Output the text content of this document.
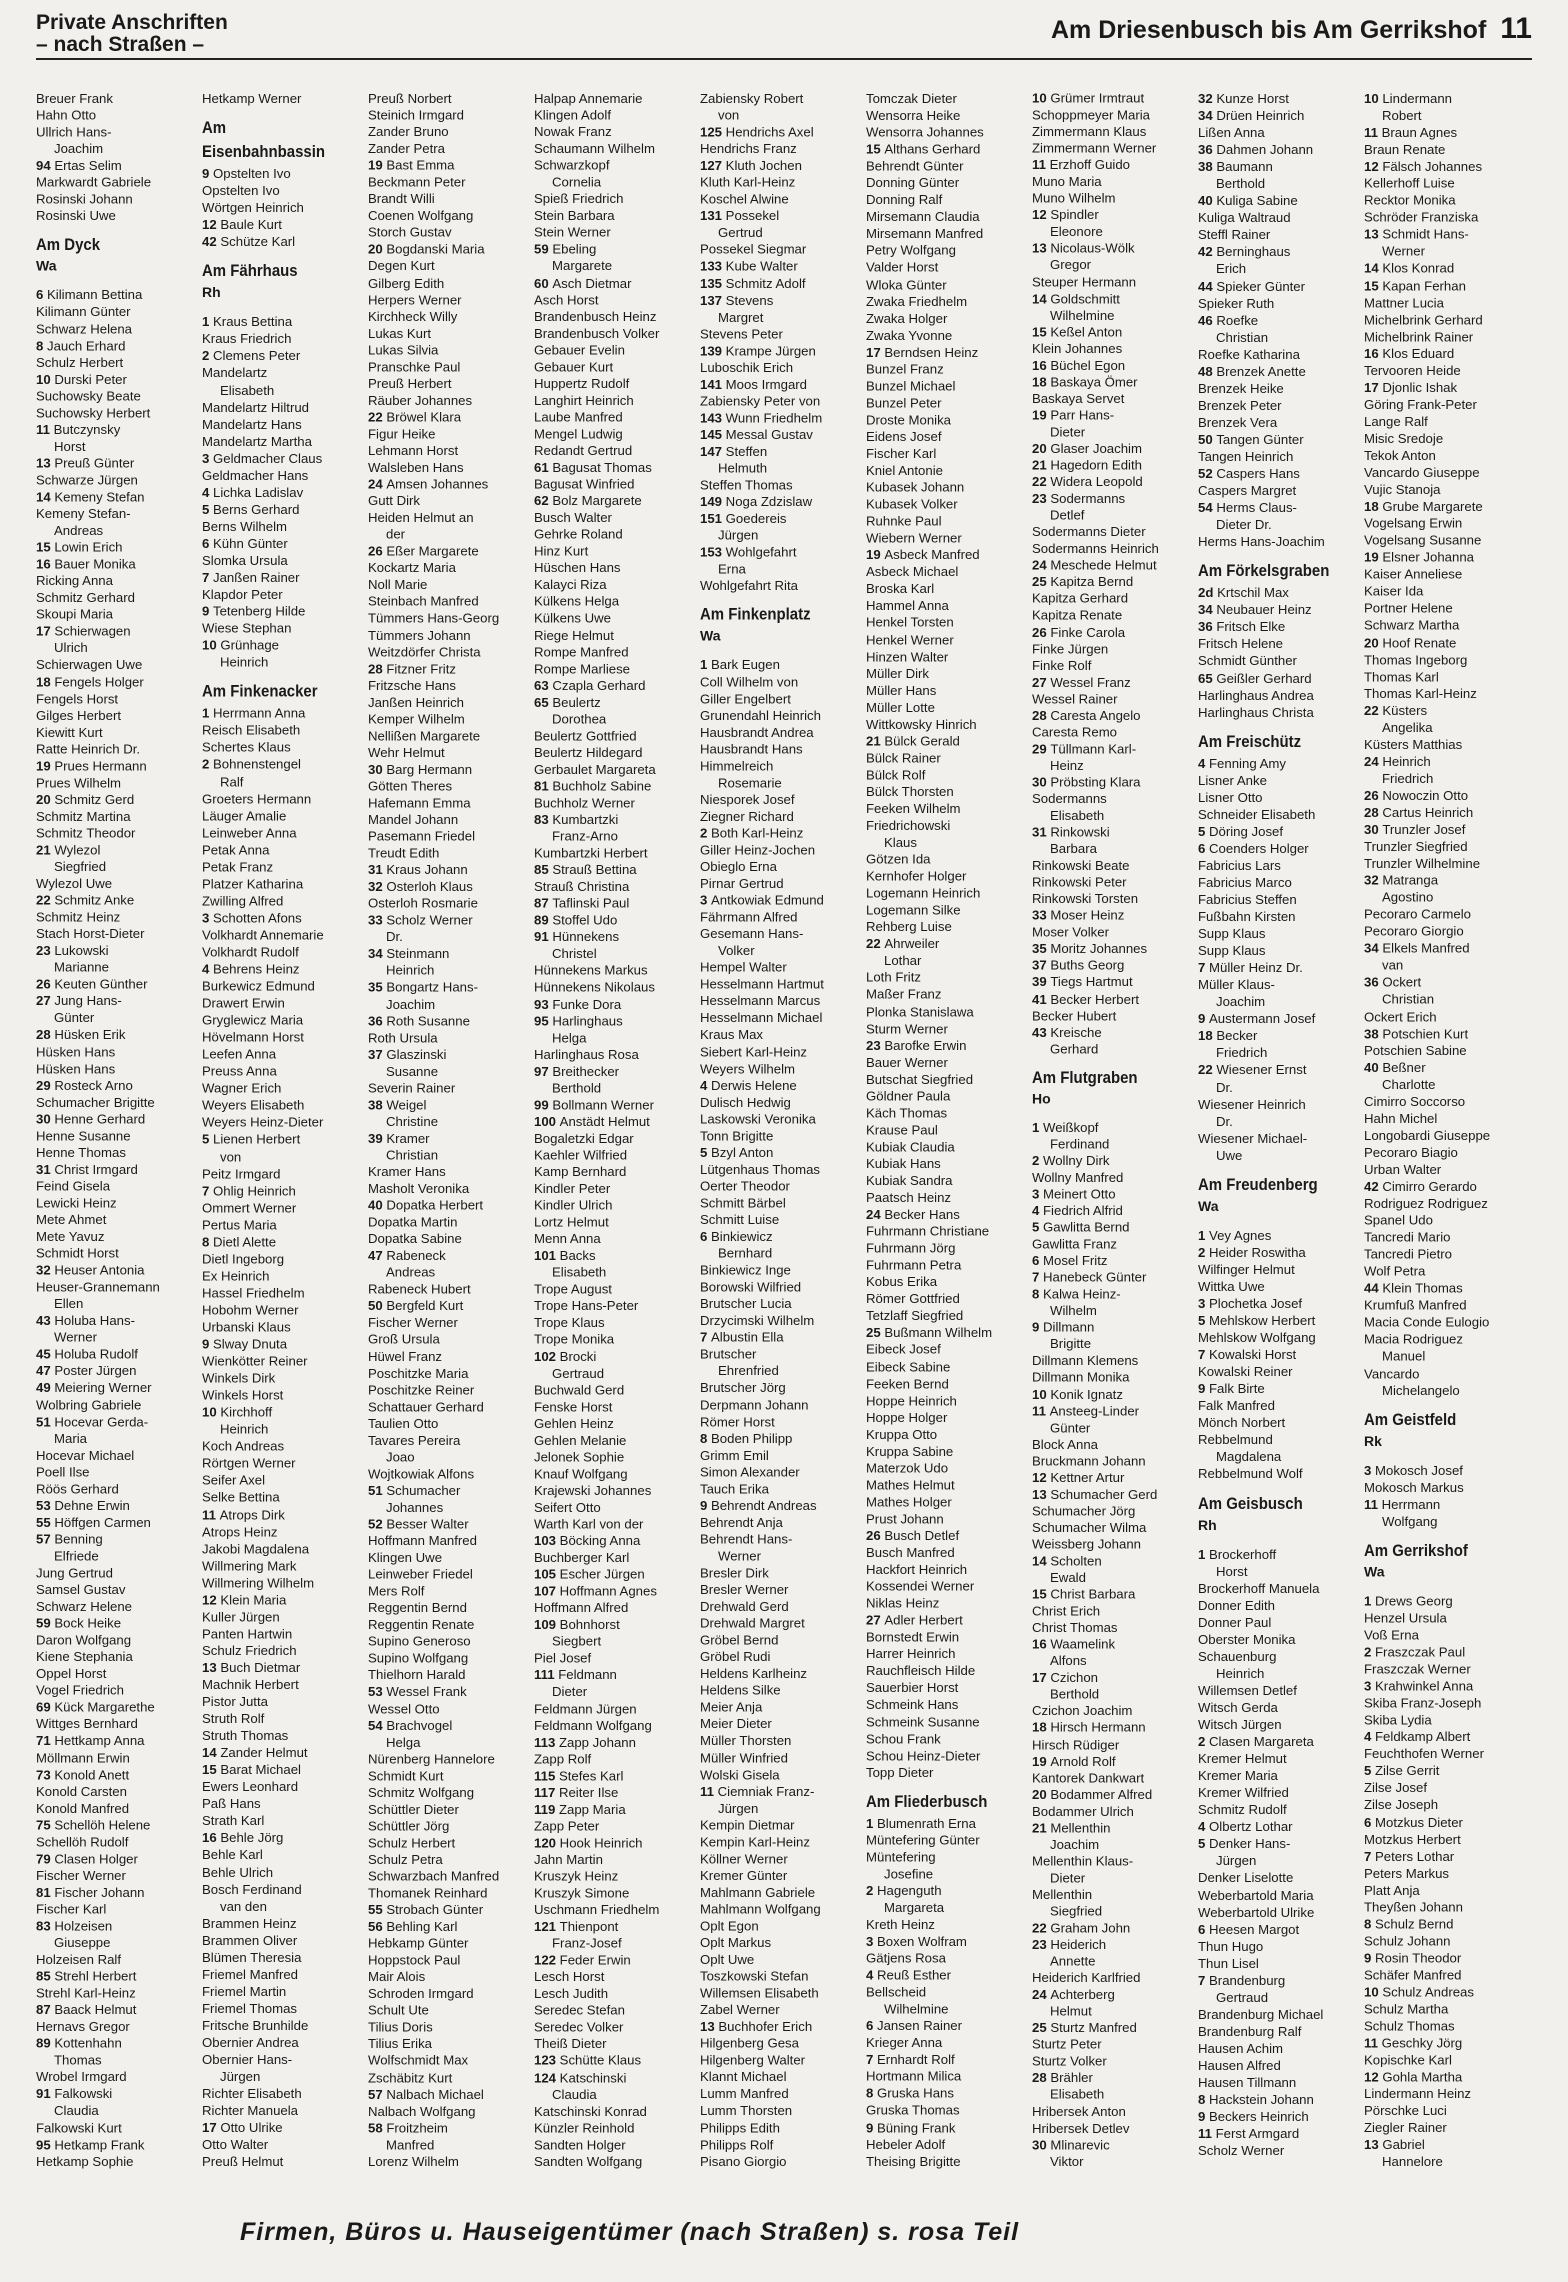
Private Anschriften
– nach Straßen –
Am Driesenbusch bis Am Gerrikshof 11
Breuer Frank
Hahn Otto
Ullrich Hans-
Joachim
94 Ertas Selim
Markwardt Gabriele
Rosinski Johann
Rosinski Uwe
Am Dyck
Wa
6 Kilimann Bettina
Kilimann Günter
Schwarz Helena
8 Jauch Erhard
Schulz Herbert
10 Durski Peter
Suchowsky Beate
Suchowsky Herbert
11 Butczynsky
Horst
13 Preuß Günter
Schwarze Jürgen
14 Kemeny Stefan
Kemeny Stefan-
Andreas
15 Lowin Erich
16 Bauer Monika
Ricking Anna
Schmitz Gerhard
Skoupi Maria
17 Schierwagen
Ulrich
Schierwagen Uwe
18 Fengels Holger
Fengels Horst
Gilges Herbert
Kiewitt Kurt
Ratte Heinrich Dr.
19 Prues Hermann
Prues Wilhelm
20 Schmitz Gerd
Schmitz Martina
Schmitz Theodor
21 Wylezol
Siegfried
Wylezol Uwe
22 Schmitz Anke
Schmitz Heinz
Stach Horst-Dieter
23 Lukowski
Marianne
26 Keuten Günther
27 Jung Hans-
Günter
28 Hüsken Erik
Hüsken Hans
Hüsken Hans
29 Rosteck Arno
Schumacher Brigitte
30 Henne Gerhard
Henne Susanne
Henne Thomas
31 Christ Irmgard
Feind Gisela
Lewicki Heinz
Mete Ahmet
Mete Yavuz
Schmidt Horst
32 Heuser Antonia
Heuser-Grannemann
Ellen
43 Holuba Hans-
Werner
45 Holuba Rudolf
47 Poster Jürgen
49 Meiering Werner
Wolbring Gabriele
51 Hocevar Gerda-
Maria
Hocevar Michael
Poell Ilse
Röös Gerhard
53 Dehne Erwin
55 Höffgen Carmen
57 Benning
Elfriede
Jung Gertrud
Samsel Gustav
Schwarz Helene
59 Bock Heike
Daron Wolfgang
Kiene Stephania
Oppel Horst
Vogel Friedrich
69 Kück Margarethe
Wittges Bernhard
71 Hettkamp Anna
Möllmann Erwin
73 Konold Anett
Konold Carsten
Konold Manfred
75 Schellöh Helene
Schellöh Rudolf
79 Clasen Holger
Fischer Werner
81 Fischer Johann
Fischer Karl
83 Holzeisen
Giuseppe
Holzeisen Ralf
85 Strehl Herbert
Strehl Karl-Heinz
87 Baack Helmut
Hernavs Gregor
89 Kottenhahn
Thomas
Wrobel Irmgard
91 Falkowski
Claudia
Falkowski Kurt
95 Hetkamp Frank
Hetkamp Sophie
Hetkamp Werner
Am
Eisenbahnbassin
9 Opstelten Ivo
Opstelten Ivo
Wörtgen Heinrich
12 Baule Kurt
42 Schütze Karl
Am Fährhaus
Rh
1 Kraus Bettina
Kraus Friedrich
2 Clemens Peter
Mandelartz
Elisabeth
Mandelartz Hiltrud
Mandelartz Hans
Mandelartz Martha
3 Geldmacher Claus
Geldmacher Hans
4 Lichka Ladislav
5 Berns Gerhard
Berns Wilhelm
6 Kühn Günter
Slomka Ursula
7 Janßen Rainer
Klapdor Peter
9 Tetenberg Hilde
Wiese Stephan
10 Grünhage
Heinrich
Am Finkenacker
1 Herrmann Anna
Reisch Elisabeth
Schertes Klaus
2 Bohnenstengel
Ralf
Groeters Hermann
Läuger Amalie
Leinweber Anna
Petak Anna
Petak Franz
Platzer Katharina
Zwilling Alfred
3 Schotten Afons
Volkhardt Annemarie
Volkhardt Rudolf
4 Behrens Heinz
Burkewicz Edmund
Drawert Erwin
Gryglewicz Maria
Hövelmann Horst
Leefen Anna
Preuss Anna
Wagner Erich
Weyers Elisabeth
Weyers Heinz-Dieter
5 Lienen Herbert
von
Peitz Irmgard
7 Ohlig Heinrich
Ommert Werner
Pertus Maria
8 Dietl Alette
Dietl Ingeborg
Ex Heinrich
Hassel Friedhelm
Hobohm Werner
Urbanski Klaus
9 Slway Dnuta
Wienkötter Reiner
Winkels Dirk
Winkels Horst
10 Kirchhoff
Heinrich
Koch Andreas
Rörtgen Werner
Seifer Axel
Selke Bettina
11 Atrops Dirk
Atrops Heinz
Jakobi Magdalena
Willmering Mark
Willmering Wilhelm
12 Klein Maria
Kuller Jürgen
Panten Hartwin
Schulz Friedrich
13 Buch Dietmar
Machnik Herbert
Pistor Jutta
Struth Rolf
Struth Thomas
14 Zander Helmut
15 Barat Michael
Ewers Leonhard
Paß Hans
Strath Karl
16 Behle Jörg
Behle Karl
Behle Ulrich
Bosch Ferdinand
van den
Brammen Heinz
Brammen Oliver
Blümen Theresia
Friemel Manfred
Friemel Martin
Friemel Thomas
Fritsche Brunhilde
Obernier Andrea
Obernier Hans-
Jürgen
Richter Elisabeth
Richter Manuela
17 Otto Ulrike
Otto Walter
Preuß Helmut
Preuß Norbert
Steinich Irmgard
Zander Bruno
Zander Petra
19 Bast Emma
Beckmann Peter
Brandt Willi
Coenen Wolfgang
Storch Gustav
20 Bogdanski Maria
Degen Kurt
Gilberg Edith
Herpers Werner
Kirchheck Willy
Lukas Kurt
Lukas Silvia
Pranschke Paul
Preuß Herbert
Räuber Johannes
22 Bröwel Klara
Figur Heike
Lehmann Horst
Walsleben Hans
24 Amsen Johannes
Gutt Dirk
Heiden Helmut an
der
26 Eßer Margarete
Kockartz Maria
Noll Marie
Steinbach Manfred
Tümmers Hans-Georg
Tümmers Johann
Weitzdörfer Christa
28 Fitzner Fritz
Fritzsche Hans
Janßen Heinrich
Kemper Wilhelm
Nellißen Margarete
Wehr Helmut
30 Barg Hermann
Götten Theres
Hafemann Emma
Mandel Johann
Pasemann Friedel
Treudt Edith
31 Kraus Johann
32 Osterloh Klaus
Osterloh Rosmarie
33 Scholz Werner
Dr.
34 Steinmann
Heinrich
35 Bongartz Hans-
Joachim
36 Roth Susanne
Roth Ursula
37 Glaszinski
Susanne
Severin Rainer
38 Weigel
Christine
39 Kramer
Christian
Kramer Hans
Masholt Veronika
40 Dopatka Herbert
Dopatka Martin
Dopatka Sabine
47 Rabeneck
Andreas
Rabeneck Hubert
50 Bergfeld Kurt
Fischer Werner
Groß Ursula
Hüwel Franz
Poschitzke Maria
Poschitzke Reiner
Schattauer Gerhard
Taulien Otto
Tavares Pereira
Joao
Wojtkowiak Alfons
51 Schumacher
Johannes
52 Besser Walter
Hoffmann Manfred
Klingen Uwe
Leinweber Friedel
Mers Rolf
Reggentin Bernd
Reggentin Renate
Supino Generoso
Supino Wolfgang
Thielhorn Harald
53 Wessel Frank
Wessel Otto
54 Brachvogel
Helga
Nürenberg Hannelore
Schmidt Kurt
Schmitz Wolfgang
Schüttler Dieter
Schüttler Jörg
Schulz Herbert
Schulz Petra
Schwarzbach Manfred
Thomanek Reinhard
55 Strobach Günter
56 Behling Karl
Hebkamp Günter
Hoppstock Paul
Mair Alois
Schroden Irmgard
Schult Ute
Tilius Doris
Tilius Erika
Wolfschmidt Max
Zschäbitz Kurt
57 Nalbach Michael
Nalbach Wolfgang
58 Froitzheim
Manfred
Lorenz Wilhelm
Halpap Annemarie
Klingen Adolf
Nowak Franz
Schaumann Wilhelm
Schwarzkopf
Cornelia
Spieß Friedrich
Stein Barbara
Stein Werner
59 Ebeling
Margarete
60 Asch Dietmar
Asch Horst
Brandenbusch Heinz
Brandenbusch Volker
Gebauer Evelin
Gebauer Kurt
Huppertz Rudolf
Langhirt Heinrich
Laube Manfred
Mengel Ludwig
Redandt Gertrud
61 Bagusat Thomas
Bagusat Winfried
62 Bolz Margarete
Busch Walter
Gehrke Roland
Hinz Kurt
Hüschen Hans
Kalayci Riza
Külkens Helga
Külkens Uwe
Riege Helmut
Rompe Manfred
Rompe Marliese
63 Czapla Gerhard
65 Beulertz
Dorothea
Beulertz Gottfried
Beulertz Hildegard
Gerbaulet Margareta
81 Buchholz Sabine
Buchholz Werner
83 Kumbartzki
Franz-Arno
Kumbartzki Herbert
85 Strauß Bettina
Strauß Christina
87 Taflinski Paul
89 Stoffel Udo
91 Hünnekens
Christel
Hünnekens Markus
Hünnekens Nikolaus
93 Funke Dora
95 Harlinghaus
Helga
Harlinghaus Rosa
97 Breithecker
Berthold
99 Bollmann Werner
100 Anstädt Helmut
Bogaletzki Edgar
Kaehler Wilfried
Kamp Bernhard
Kindler Peter
Kindler Ulrich
Lortz Helmut
Menn Anna
101 Backs
Elisabeth
Trope August
Trope Hans-Peter
Trope Klaus
Trope Monika
102 Brocki
Gertraud
Buchwald Gerd
Fenske Horst
Gehlen Heinz
Gehlen Melanie
Jelonek Sophie
Knauf Wolfgang
Krajewski Johannes
Seifert Otto
Warth Karl von der
103 Böcking Anna
Buchberger Karl
105 Escher Jürgen
107 Hoffmann Agnes
Hoffmann Alfred
109 Bohnhorst
Siegbert
Piel Josef
111 Feldmann
Dieter
Feldmann Jürgen
Feldmann Wolfgang
113 Zapp Johann
Zapp Rolf
115 Stefes Karl
117 Reiter Ilse
119 Zapp Maria
Zapp Peter
120 Hook Heinrich
Jahn Martin
Kruszyk Heinz
Kruszyk Simone
Uschmann Friedhelm
121 Thienpont
Franz-Josef
122 Feder Erwin
Lesch Horst
Lesch Judith
Seredec Stefan
Seredec Volker
Theiß Dieter
123 Schütte Klaus
124 Katschinski
Claudia
Katschinski Konrad
Künzler Reinhold
Sandten Holger
Sandten Wolfgang
Zabiensky Robert
von
125 Hendrichs Axel
Hendrichs Franz
127 Kluth Jochen
Kluth Karl-Heinz
Koschel Alwine
131 Possekel
Gertrud
Possekel Siegmar
133 Kube Walter
135 Schmitz Adolf
137 Stevens
Margret
Stevens Peter
139 Krampe Jürgen
Luboschik Erich
141 Moos Irmgard
Zabiensky Peter von
143 Wunn Friedhelm
145 Messal Gustav
147 Steffen
Helmuth
Steffen Thomas
149 Noga Zdzislaw
151 Goedereis
Jürgen
153 Wohlgefahrt
Erna
Wohlgefahrt Rita
Am Finkenplatz
Wa
1 Bark Eugen
Coll Wilhelm von
Giller Engelbert
Grunendahl Heinrich
Hausbrandt Andrea
Hausbrandt Hans
Himmelreich
Rosemarie
Niesporek Josef
Ziegner Richard
2 Both Karl-Heinz
Giller Heinz-Jochen
Obieglo Erna
Pirnar Gertrud
3 Antkowiak Edmund
Fährmann Alfred
Gesemann Hans-
Volker
Hempel Walter
Hesselmann Hartmut
Hesselmann Marcus
Hesselmann Michael
Kraus Max
Siebert Karl-Heinz
Weyers Wilhelm
4 Derwis Helene
Dulisch Hedwig
Laskowski Veronika
Tonn Brigitte
5 Bzyl Anton
Lütgenhaus Thomas
Oerter Theodor
Schmitt Bärbel
Schmitt Luise
6 Binkiewicz
Bernhard
Binkiewicz Inge
Borowski Wilfried
Brutscher Lucia
Drzycimski Wilhelm
7 Albustin Ella
Brutscher
Ehrenfried
Brutscher Jörg
Derpmann Johann
Römer Horst
8 Boden Philipp
Grimm Emil
Simon Alexander
Tauch Erika
9 Behrendt Andreas
Behrendt Anja
Behrendt Hans-
Werner
Bresler Dirk
Bresler Werner
Drehwald Gerd
Drehwald Margret
Gröbel Bernd
Gröbel Rudi
Heldens Karlheinz
Heldens Silke
Meier Anja
Meier Dieter
Müller Thorsten
Müller Winfried
Wolski Gisela
11 Ciemniak Franz-
Jürgen
Kempin Dietmar
Kempin Karl-Heinz
Köllner Werner
Kremer Günter
Mahlmann Gabriele
Mahlmann Wolfgang
Oplt Egon
Oplt Markus
Oplt Uwe
Toszkowski Stefan
Willemsen Elisabeth
Zabel Werner
13 Buchhofer Erich
Hilgenberg Gesa
Hilgenberg Walter
Klannt Michael
Lumm Manfred
Lumm Thorsten
Philipps Edith
Philipps Rolf
Pisano Giorgio
Tomczak Dieter
Wensorra Heike
Wensorra Johannes
15 Althans Gerhard
Behrendt Günter
Donning Günter
Donning Ralf
Mirsemann Claudia
Mirsemann Manfred
Petry Wolfgang
Valder Horst
Wloka Günter
Zwaka Friedhelm
Zwaka Holger
Zwaka Yvonne
17 Berndsen Heinz
Bunzel Franz
Bunzel Michael
Bunzel Peter
Droste Monika
Eidens Josef
Fischer Karl
Kniel Antonie
Kubasek Johann
Kubasek Volker
Ruhnke Paul
Wiebern Werner
19 Asbeck Manfred
Asbeck Michael
Broska Karl
Hammel Anna
Henkel Torsten
Henkel Werner
Hinzen Walter
Müller Dirk
Müller Hans
Müller Lotte
Wittkowsky Hinrich
21 Bülck Gerald
Bülck Rainer
Bülck Rolf
Bülck Thorsten
Feeken Wilhelm
Friedrichowski
Klaus
Götzen Ida
Kernhofer Holger
Logemann Heinrich
Logemann Silke
Rehberg Luise
22 Ahrweiler
Lothar
Loth Fritz
Maßer Franz
Plonka Stanislawa
Sturm Werner
23 Barofke Erwin
Bauer Werner
Butschat Siegfried
Göldner Paula
Käch Thomas
Krause Paul
Kubiak Claudia
Kubiak Hans
Kubiak Sandra
Paatsch Heinz
24 Becker Hans
Fuhrmann Christiane
Fuhrmann Jörg
Fuhrmann Petra
Kobus Erika
Römer Gottfried
Tetzlaff Siegfried
25 Bußmann Wilhelm
Eibeck Josef
Eibeck Sabine
Feeken Bernd
Hoppe Heinrich
Hoppe Holger
Kruppa Otto
Kruppa Sabine
Materzok Udo
Mathes Helmut
Mathes Holger
Prust Johann
26 Busch Detlef
Busch Manfred
Hackfort Heinrich
Kossendei Werner
Niklas Heinz
27 Adler Herbert
Bornstedt Erwin
Harrer Heinrich
Rauchfleisch Hilde
Sauerbier Horst
Schmeink Hans
Schmeink Susanne
Schou Frank
Schou Heinz-Dieter
Topp Dieter
Am Fliederbusch
1 Blumenrath Erna
Müntefering Günter
Müntefering
Josefine
2 Hagenguth
Margareta
Kreth Heinz
3 Boxen Wolfram
Gätjens Rosa
4 Reuß Esther
Bellscheid
Wilhelmine
6 Jansen Rainer
Krieger Anna
7 Ernhardt Rolf
Hortmann Milica
8 Gruska Hans
Gruska Thomas
9 Büning Frank
Hebeler Adolf
Theising Brigitte
10 Grümer Irmtraut
Schoppmeyer Maria
Zimmermann Klaus
Zimmermann Werner
11 Erzhoff Guido
Muno Maria
Muno Wilhelm
12 Spindler
Eleonore
13 Nicolaus-Wölk
Gregor
Steuper Hermann
14 Goldschmitt
Wilhelmine
15 Keßel Anton
Klein Johannes
16 Büchel Egon
18 Baskaya Ömer
Baskaya Servet
19 Parr Hans-
Dieter
20 Glaser Joachim
21 Hagedorn Edith
22 Widera Leopold
23 Sodermanns
Detlef
Sodermanns Dieter
Sodermanns Heinrich
24 Meschede Helmut
25 Kapitza Bernd
Kapitza Gerhard
Kapitza Renate
26 Finke Carola
Finke Jürgen
Finke Rolf
27 Wessel Franz
Wessel Rainer
28 Caresta Angelo
Caresta Remo
29 Tüllmann Karl-
Heinz
30 Pröbsting Klara
Sodermanns
Elisabeth
31 Rinkowski
Barbara
Rinkowski Beate
Rinkowski Peter
Rinkowski Torsten
33 Moser Heinz
Moser Volker
35 Moritz Johannes
37 Buths Georg
39 Tiegs Hartmut
41 Becker Herbert
Becker Hubert
43 Kreische
Gerhard
Am Flutgraben
Ho
1 Weißkopf
Ferdinand
2 Wollny Dirk
Wollny Manfred
3 Meinert Otto
4 Fiedrich Alfrid
5 Gawlitta Bernd
Gawlitta Franz
6 Mosel Fritz
7 Hanebeck Günter
8 Kalwa Heinz-
Wilhelm
9 Dillmann
Brigitte
Dillmann Klemens
Dillmann Monika
10 Konik Ignatz
11 Ansteeg-Linder
Günter
Block Anna
Bruckmann Johann
12 Kettner Artur
13 Schumacher Gerd
Schumacher Jörg
Schumacher Wilma
Weissberg Johann
14 Scholten
Ewald
15 Christ Barbara
Christ Erich
Christ Thomas
16 Waamelink
Alfons
17 Czichon
Berthold
Czichon Joachim
18 Hirsch Hermann
Hirsch Rüdiger
19 Arnold Rolf
Kantorek Dankwart
20 Bodammer Alfred
Bodammer Ulrich
21 Mellenthin
Joachim
Mellenthin Klaus-
Dieter
Mellenthin
Siegfried
22 Graham John
23 Heiderich
Annette
Heiderich Karlfried
24 Achterberg
Helmut
25 Sturtz Manfred
Sturtz Peter
Sturtz Volker
28 Brähler
Elisabeth
Hribersek Anton
Hribersek Detlev
30 Mlinarevic
Viktor
32 Kunze Horst
34 Drüen Heinrich
Lißen Anna
36 Dahmen Johann
38 Baumann
Berthold
40 Kuliga Sabine
Kuliga Waltraud
Steffl Rainer
42 Berninghaus
Erich
44 Spieker Günter
Spieker Ruth
46 Roefke
Christian
Roefke Katharina
48 Brenzek Anette
Brenzek Heike
Brenzek Peter
Brenzek Vera
50 Tangen Günter
Tangen Heinrich
52 Caspers Hans
Caspers Margret
54 Herms Claus-
Dieter Dr.
Herms Hans-Joachim
Am Förkelsgraben
2d Krtschil Max
34 Neubauer Heinz
36 Fritsch Elke
Fritsch Helene
Schmidt Günther
65 Geißler Gerhard
Harlinghaus Andrea
Harlinghaus Christa
Am Freischütz
4 Fenning Amy
Lisner Anke
Lisner Otto
Schneider Elisabeth
5 Döring Josef
6 Coenders Holger
Fabricius Lars
Fabricius Marco
Fabricius Steffen
Fußbahn Kirsten
Supp Klaus
Supp Klaus
7 Müller Heinz Dr.
Müller Klaus-
Joachim
9 Austermann Josef
18 Becker
Friedrich
22 Wiesener Ernst
Dr.
Wiesener Heinrich
Dr.
Wiesener Michael-
Uwe
Am Freudenberg
Wa
1 Vey Agnes
2 Heider Roswitha
Wilfinger Helmut
Wittka Uwe
3 Plochetka Josef
5 Mehlskow Herbert
Mehlskow Wolfgang
7 Kowalski Horst
Kowalski Reiner
9 Falk Birte
Falk Manfred
Mönch Norbert
Rebbelmund
Magdalena
Rebbelmund Wolf
Am Geisbusch
Rh
1 Brockerhoff
Horst
Brockerhoff Manuela
Donner Edith
Donner Paul
Oberster Monika
Schauenburg
Heinrich
Willemsen Detlef
Witsch Gerda
Witsch Jürgen
2 Clasen Margareta
Kremer Helmut
Kremer Maria
Kremer Wilfried
Schmitz Rudolf
4 Olbertz Lothar
5 Denker Hans-
Jürgen
Denker Liselotte
Weberbartold Maria
Weberbartold Ulrike
6 Heesen Margot
Thun Hugo
Thun Lisel
7 Brandenburg
Gertraud
Brandenburg Michael
Brandenburg Ralf
Hausen Achim
Hausen Alfred
Hausen Tillmann
8 Hackstein Johann
9 Beckers Heinrich
11 Ferst Armgard
Scholz Werner
10 Lindermann
Robert
11 Braun Agnes
Braun Renate
12 Fälsch Johannes
Kellerhoff Luise
Recktor Monika
Schröder Franziska
13 Schmidt Hans-
Werner
14 Klos Konrad
15 Kapan Ferhan
Mattner Lucia
Michelbrink Gerhard
Michelbrink Rainer
16 Klos Eduard
Tervooren Heide
17 Djonlic Ishak
Göring Frank-Peter
Lange Ralf
Misic Sredoje
Tekok Anton
Vancardo Giuseppe
Vujic Stanoja
18 Grube Margarete
Vogelsang Erwin
Vogelsang Susanne
19 Elsner Johanna
Kaiser Anneliese
Kaiser Ida
Portner Helene
Schwarz Martha
20 Hoof Renate
Thomas Ingeborg
Thomas Karl
Thomas Karl-Heinz
22 Küsters
Angelika
Küsters Matthias
24 Heinrich
Friedrich
26 Nowoczin Otto
28 Cartus Heinrich
30 Trunzler Josef
Trunzler Siegfried
Trunzler Wilhelmine
32 Matranga
Agostino
Pecoraro Carmelo
Pecoraro Giorgio
34 Elkels Manfred
van
36 Ockert
Christian
Ockert Erich
38 Potschien Kurt
Potschien Sabine
40 Beßner
Charlotte
Cimirro Soccorso
Hahn Michel
Longobardi Giuseppe
Pecoraro Biagio
Urban Walter
42 Cimirro Gerardo
Rodriguez Rodriguez
Spanel Udo
Tancredi Mario
Tancredi Pietro
Wolf Petra
44 Klein Thomas
Krumfuß Manfred
Macia Conde Eulogio
Macia Rodriguez
Manuel
Vancardo
Michelangelo
Am Geistfeld
Rk
3 Mokosch Josef
Mokosch Markus
11 Herrmann
Wolfgang
Am Gerrikshof
Wa
1 Drews Georg
Henzel Ursula
Voß Erna
2 Fraszczak Paul
Fraszczak Werner
3 Krahwinkel Anna
Skiba Franz-Joseph
Skiba Lydia
4 Feldkamp Albert
Feuchthofen Werner
5 Zilse Gerrit
Zilse Josef
Zilse Joseph
6 Motzkus Dieter
Motzkus Herbert
7 Peters Lothar
Peters Markus
Platt Anja
Theyßen Johann
8 Schulz Bernd
Schulz Johann
9 Rosin Theodor
Schäfer Manfred
10 Schulz Andreas
Schulz Martha
Schulz Thomas
11 Geschky Jörg
Kopischke Karl
12 Gohla Martha
Lindermann Heinz
Pörschke Luci
Ziegler Rainer
13 Gabriel
Hannelore
Firmen, Büros u. Hauseigentümer (nach Straßen) s. rosa Teil
